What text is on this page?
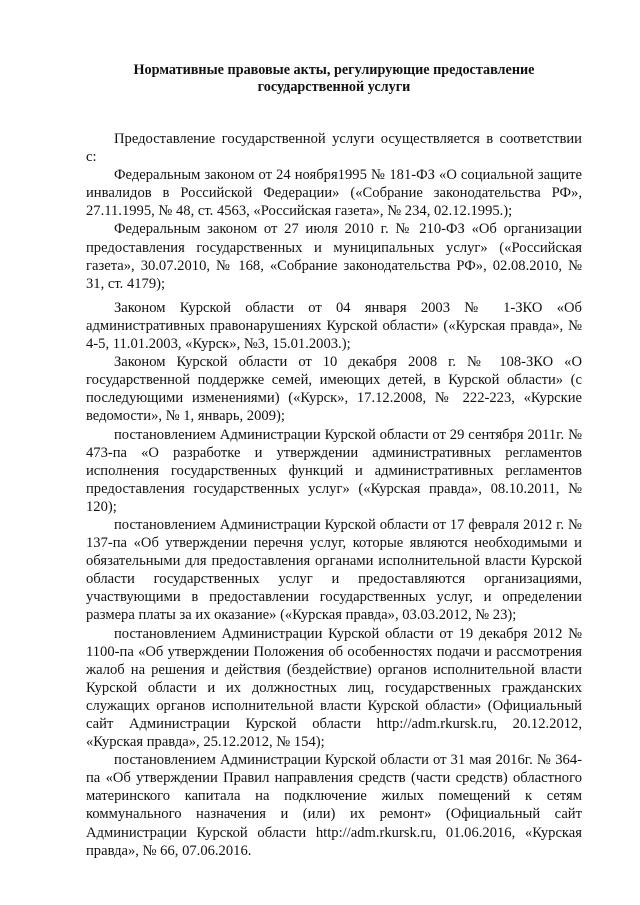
Нормативные правовые акты, регулирующие предоставление
государственной услуги

Предоставление государственной услуги осуществляется в соответствии с:

Федеральным законом от 24 ноября1995 № 181-ФЗ «О социальной защите инвалидов в Российской Федерации» («Собрание законодательства РФ», 27.11.1995, № 48, ст. 4563, «Российская газета», № 234, 02.12.1995.);

Федеральным законом от 27 июля 2010 г. № 210-ФЗ «Об организации предоставления государственных и муниципальных услуг» («Российская газета», 30.07.2010, № 168, «Собрание законодательства РФ», 02.08.2010, № 31, ст. 4179);

Законом Курской области от 04 января 2003 № 1-ЗКО «Об административных правонарушениях Курской области» («Курская правда», № 4-5, 11.01.2003, «Курск», №3, 15.01.2003.);

Законом Курской области от 10 декабря 2008 г. № 108-ЗКО «О государственной поддержке семей, имеющих детей, в Курской области» (с последующими изменениями) («Курск», 17.12.2008, № 222-223, «Курские ведомости», № 1, январь, 2009);

постановлением Администрации Курской области от 29 сентября 2011г. № 473-па «О разработке и утверждении административных регламентов исполнения государственных функций и административных регламентов предоставления государственных услуг» («Курская правда», 08.10.2011, № 120);

постановлением Администрации Курской области от 17 февраля 2012 г. № 137-па «Об утверждении перечня услуг, которые являются необходимыми и обязательными для предоставления органами исполнительной власти Курской области государственных услуг и предоставляются организациями, участвующими в предоставлении государственных услуг, и определении размера платы за их оказание» («Курская правда», 03.03.2012, № 23);

постановлением Администрации Курской области от 19 декабря 2012 № 1100-па «Об утверждении Положения об особенностях подачи и рассмотрения жалоб на решения и действия (бездействие) органов исполнительной власти Курской области и их должностных лиц, государственных гражданских служащих органов исполнительной власти Курской области» (Официальный сайт Администрации Курской области http://adm.rkursk.ru, 20.12.2012, «Курская правда», 25.12.2012, № 154);

постановлением Администрации Курской области от 31 мая 2016г. № 364-па «Об утверждении Правил направления средств (части средств) областного материнского капитала на подключение жилых помещений к сетям коммунального назначения и (или) их ремонт» (Официальный сайт Администрации Курской области http://adm.rkursk.ru, 01.06.2016, «Курская правда», № 66, 07.06.2016.
